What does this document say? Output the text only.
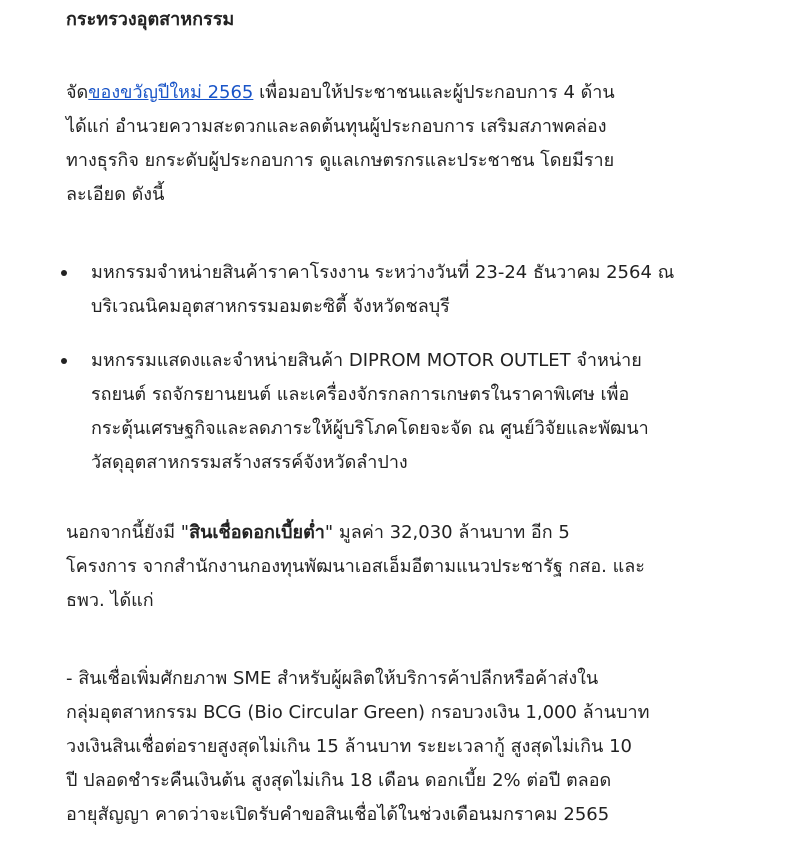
กระทรวงอุตสาหกรรม

จัดของขวัญปีใหม่ 2565 เพื่อมอบให้ประชาชนและผู้ประกอบการ 4 ด้าน
ได้แก่ อำนวยความสะดวกและลดต้นทุนผู้ประกอบการ เสริมสภาพคล่อง
ทางธุรกิจ ยกระดับผู้ประกอบการ ดูแลเกษตรกรและประชาชน โดยมีราย
ละเอียด ดังนี้

มหกรรมจำหน่ายสินค้าราคาโรงงาน ระหว่างวันที่ 23-24 ธันวาคม 2564 ณ
บริเวณนิคมอุตสาหกรรมอมตะซิตี้ จังหวัดชลบุรี
มหกรรมแสดงและจำหน่ายสินค้า DIPROM MOTOR OUTLET จำหน่าย
รถยนต์ รถจักรยานยนต์ และเครื่องจักรกลการเกษตรในราคาพิเศษ เพื่อ
กระตุ้นเศรษฐกิจและลดภาระให้ผู้บริโภคโดยจะจัด ณ ศูนย์วิจัยและพัฒนา
วัสดุอุตสาหกรรมสร้างสรรค์จังหวัดลำปาง

นอกจากนี้ยังมี "สินเชื่อดอกเบี้ยต่ำ" มูลค่า 32,030 ล้านบาท อีก 5
โครงการ จากสำนักงานกองทุนพัฒนาเอสเอ็มอีตามแนวประชารัฐ กสอ. และ
ธพว. ได้แก่

- สินเชื่อเพิ่มศักยภาพ SME สำหรับผู้ผลิตให้บริการค้าปลีกหรือค้าส่งใน
กลุ่มอุตสาหกรรม BCG (Bio Circular Green) กรอบวงเงิน 1,000 ล้านบาท
วงเงินสินเชื่อต่อรายสูงสุดไม่เกิน 15 ล้านบาท ระยะเวลากู้ สูงสุดไม่เกิน 10
ปี ปลอดชำระคืนเงินต้น สูงสุดไม่เกิน 18 เดือน ดอกเบี้ย 2% ต่อปี ตลอด
อายุสัญญา คาดว่าจะเปิดรับคำขอสินเชื่อได้ในช่วงเดือนมกราคม 2565
